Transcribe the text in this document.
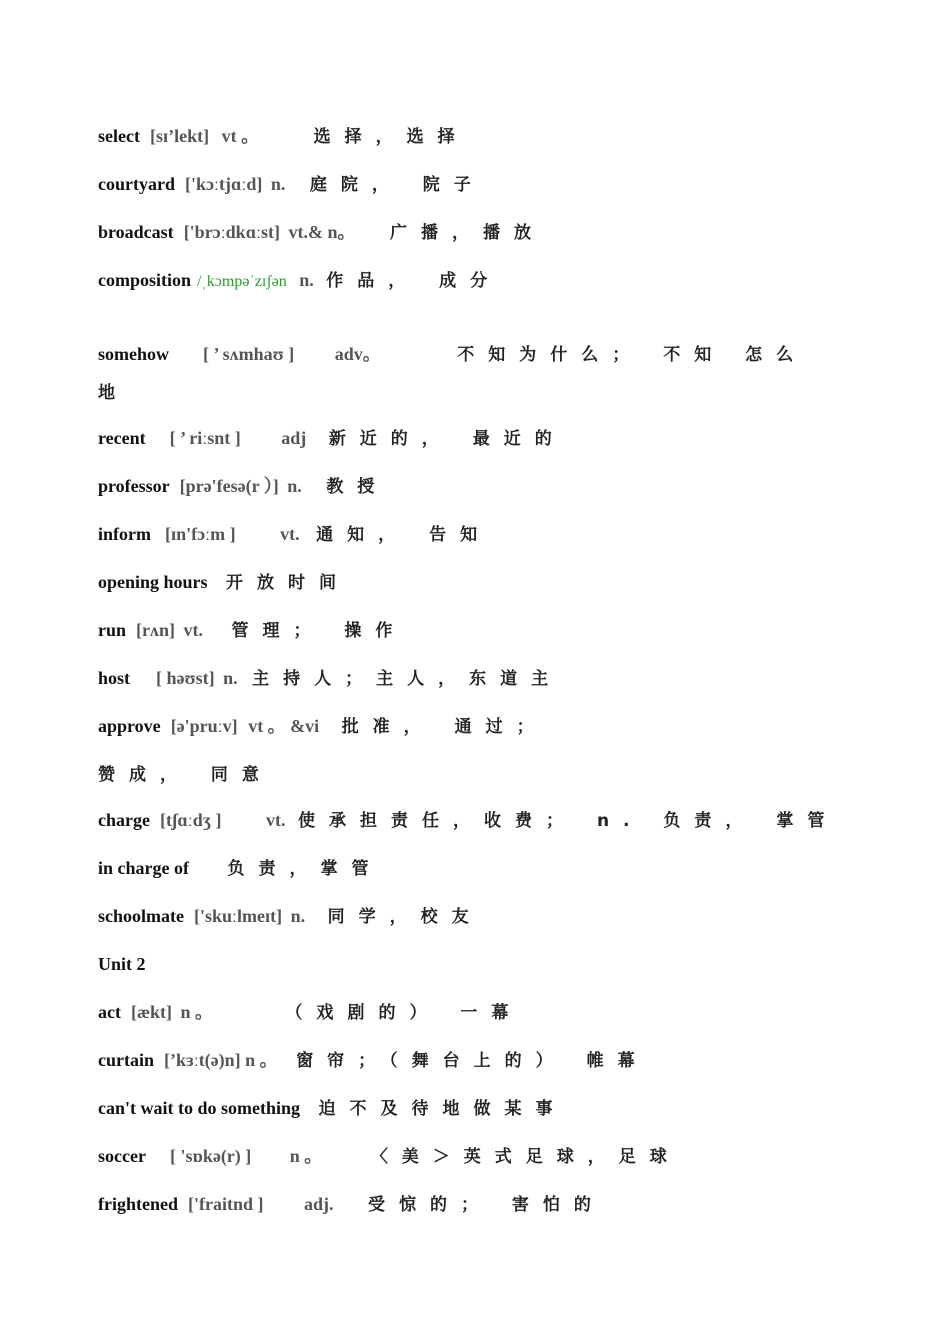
select [sɪ’lekt] vt 。	选择，选择
courtyard ['kɔːtjɑːd] n. 庭院， 院子
broadcast ['brɔːdkɑːst] vt.& n。 广播，播放
composition /ˌkɔmpəˈzɪʃən n. 作品， 成分
somehow [ ’ sʌmhaʊ ] adv。	不知为什么； 不知 怎么
地
recent [ ’ riːsnt ] adj 新近的， 最近的
professor [prə'fesə(r ）] n. 教授
inform [ɪn'fɔːm ] vt. 通知， 告知
opening hours 开放时间
run [rʌn] vt. 管理； 操作
host [ həʊst] n. 主持人；主人，东道主
approve [ə'pruːv] vt 。 &vi 批准， 通过；
赞成， 同意
charge [tʃɑːdʒ ] vt. 使承担责任，收费； n. 负责， 掌管
in charge of 负责，掌管
schoolmate ['skuːlmeɪt] n. 同学，校友
Unit 2
act [ækt] n 。	（戏剧的） 一幕
curtain [’kɜːt(ə)n] n 。 窗帘；（舞台上的） 帷幕
can't wait to do something 迫不及待地做某事
soccer [ 'sɒkə(r) ] n 。	〈美＞英式足球，足球
frightened ['fraitnd ] adj. 受惊的； 害怕的
